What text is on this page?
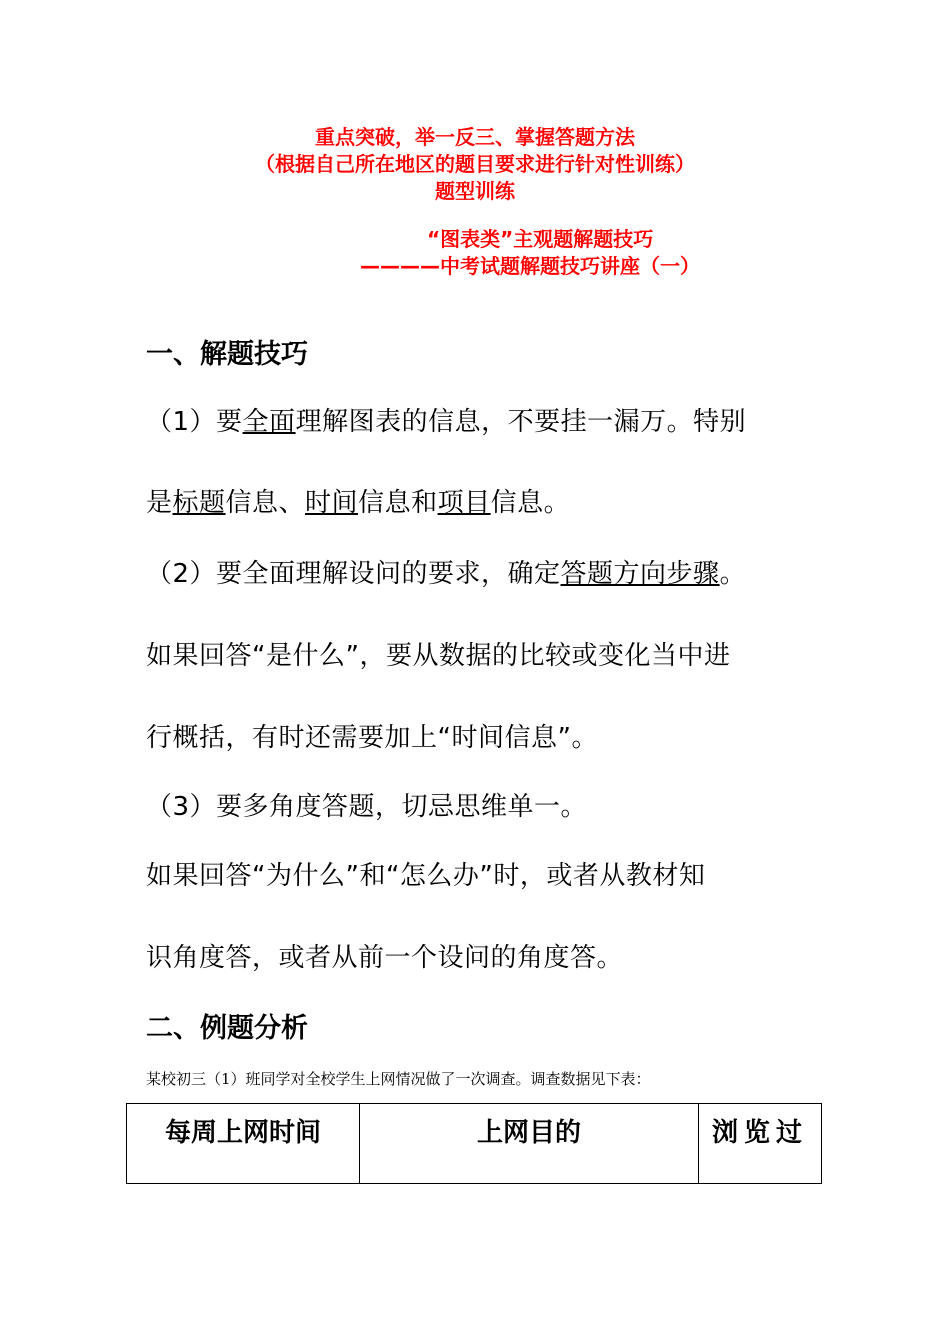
重点突破，举一反三、掌握答题方法
（根据自己所在地区的题目要求进行针对性训练）
题型训练
“图表类”主观题解题技巧
————中考试题解题技巧讲座（一）
一、解题技巧
（1）要全面理解图表的信息，不要挂一漏万。特别
是标题信息、时间信息和项目信息。
（2）要全面理解设问的要求，确定答题方向步骤。
如果回答“是什么”，要从数据的比较或变化当中进
行概括，有时还需要加上“时间信息”。
（3）要多角度答题，切忌思维单一。
如果回答“为什么”和“怎么办”时，或者从教材知
识角度答，或者从前一个设问的角度答。
二、例题分析
某校初三（1）班同学对全校学生上网情况做了一次调查。调查数据见下表：
每周上网时间	上网目的	浏览过
